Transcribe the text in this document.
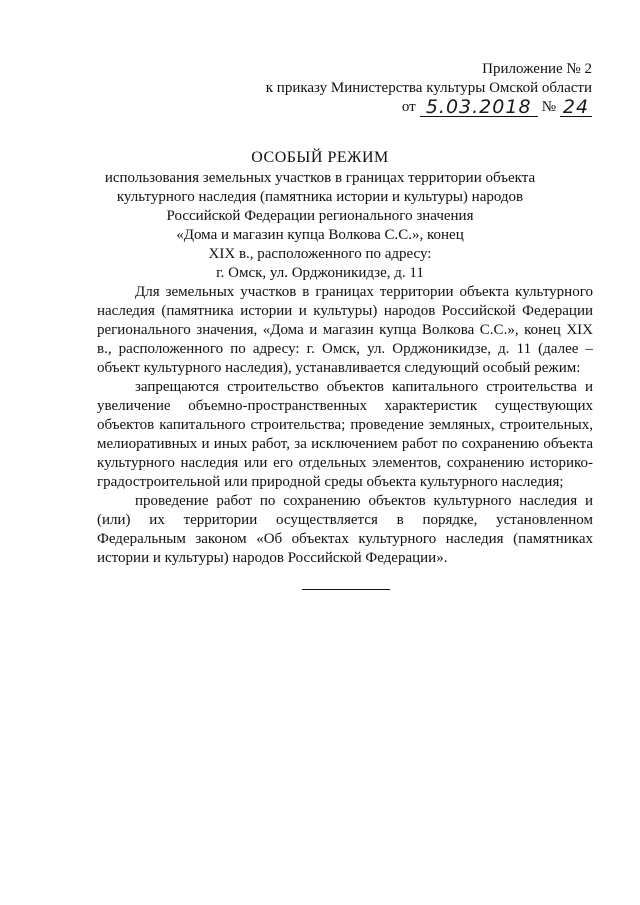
Приложение № 2
к приказу Министерства культуры Омской области
от 5.03.2018 № 24
ОСОБЫЙ РЕЖИМ
использования земельных участков в границах территории объекта
культурного наследия (памятника истории и культуры) народов
Российской Федерации регионального значения
«Дома и магазин купца Волкова С.С.», конец
XIX в., расположенного по адресу:
г. Омск, ул. Орджоникидзе, д. 11

Для земельных участков в границах территории объекта культурного наследия (памятника истории и культуры) народов Российской Федерации регионального значения, «Дома и магазин купца Волкова С.С.», конец XIX в., расположенного по адресу: г. Омск, ул. Орджоникидзе, д. 11 (далее – объект культурного наследия), устанавливается следующий особый режим:

запрещаются строительство объектов капитального строительства и увеличение объемно-пространственных характеристик существующих объектов капитального строительства; проведение земляных, строительных, мелиоративных и иных работ, за исключением работ по сохранению объекта культурного наследия или его отдельных элементов, сохранению историко-градостроительной или природной среды объекта культурного наследия;

проведение работ по сохранению объектов культурного наследия и (или) их территории осуществляется в порядке, установленном Федеральным законом «Об объектах культурного наследия (памятниках истории и культуры) народов Российской Федерации».
